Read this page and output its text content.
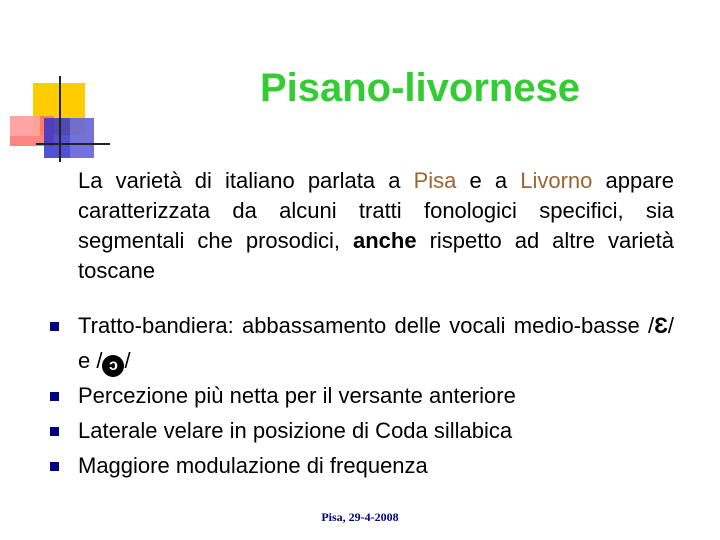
Pisano-livornese
La varietà di italiano parlata a Pisa e a Livorno appare caratterizzata da alcuni tratti fonologici specifici, sia segmentali che prosodici, anche rispetto ad altre varietà toscane
Tratto-bandiera: abbassamento delle vocali medio-basse /Ɛ/ e / ɔ /
Percezione più netta per il versante anteriore
Laterale velare in posizione di Coda sillabica
Maggiore modulazione di frequenza
Pisa, 29-4-2008
